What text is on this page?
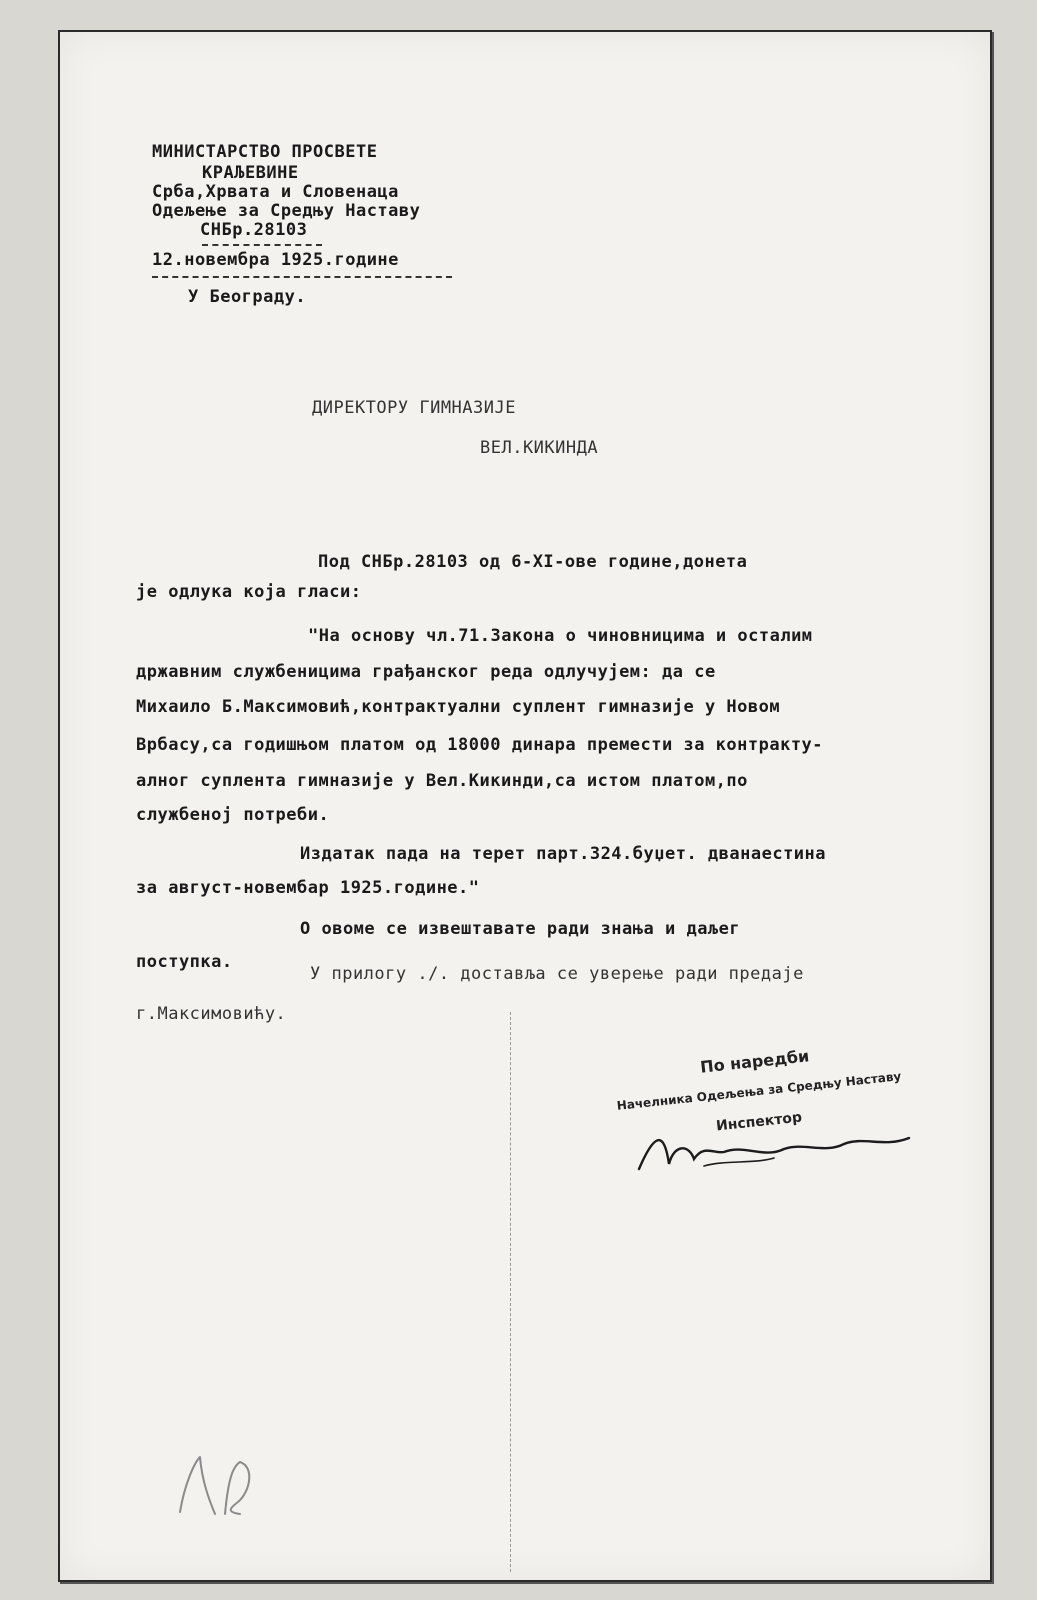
МИНИСТАРСТВО ПРОСВЕТЕ
КРАЉЕВИНЕ
Срба,Хрвата и Словенаца
Одељење за Средњу Наставу
СНБр.28103
12.новембра 1925.године
У Београду.
ДИРЕКТОРУ ГИМНАЗИЈЕ
ВЕЛ.КИКИНДА
Под СНБр.28103 од 6-XI-ове године,донета
је одлука која гласи:
"На основу чл.71.Закона о чиновницима и осталим
државним службеницима грађанског реда одлучујем: да се
Михаило Б.Максимовић,контрактуални суплент гимназије у Новом
Врбасу,са годишњом платом од 18000 динара премести за контракту-
алног суплента гимназије у Вел.Кикинди,са истом платом,по
службеној потреби.
Издатак пада на терет парт.324.буџет. дванаестина
за август-новембар 1925.године."
О овоме се извештавате ради знања и даљег
поступка.
У прилогу ./. доставља се уверење ради предаје
г.Максимовићу.
По наредби
Начелника Одељења за Средњу Наставу
Инспектор
